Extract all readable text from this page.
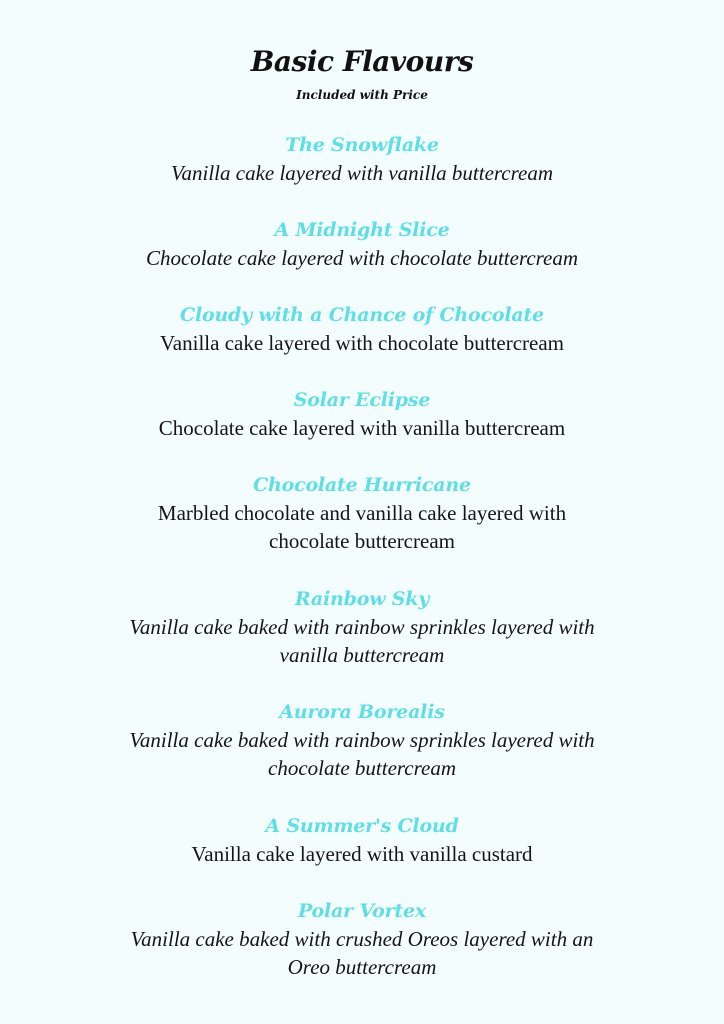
Basic Flavours
Included with Price
The Snowflake
Vanilla cake layered with vanilla buttercream
A Midnight Slice
Chocolate cake layered with chocolate buttercream
Cloudy with a Chance of Chocolate
Vanilla cake layered with chocolate buttercream
Solar Eclipse
Chocolate cake layered with vanilla buttercream
Chocolate Hurricane
Marbled chocolate and vanilla cake layered with
chocolate buttercream
Rainbow Sky
Vanilla cake baked with rainbow sprinkles layered with
vanilla buttercream
Aurora Borealis
Vanilla cake baked with rainbow sprinkles layered with
chocolate buttercream
A Summer's Cloud
Vanilla cake layered with vanilla custard
Polar Vortex
Vanilla cake baked with crushed Oreos layered with an
Oreo buttercream
